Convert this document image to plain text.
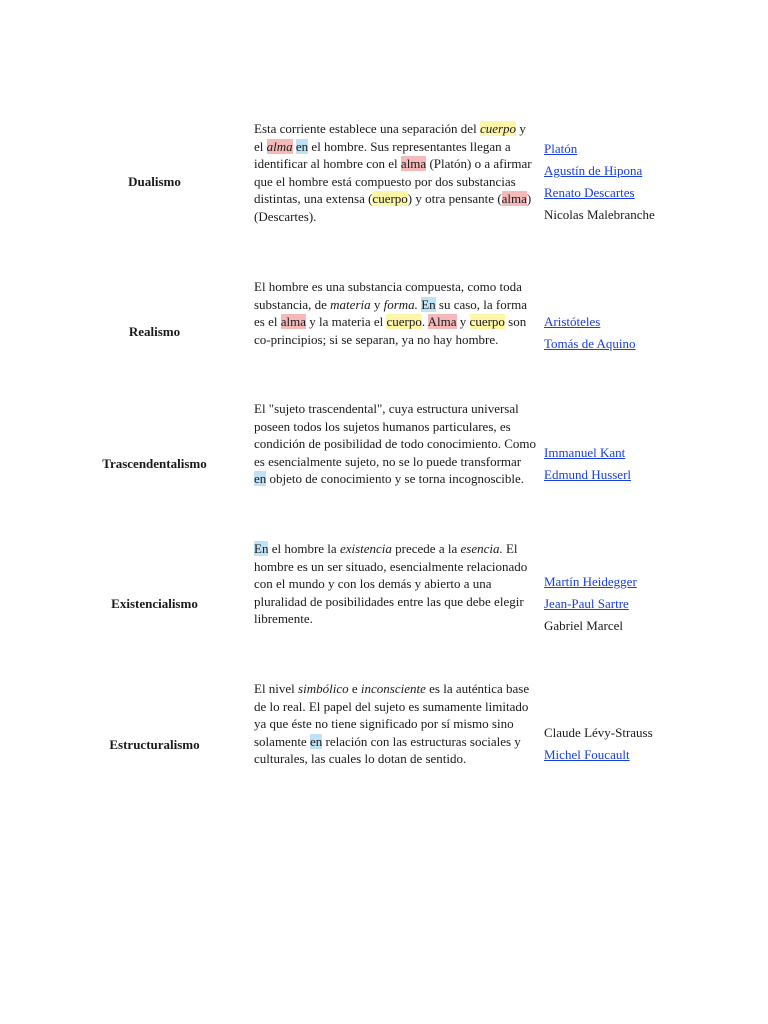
Dualismo
Esta corriente establece una separación del cuerpo y el alma en el hombre. Sus representantes llegan a identificar al hombre con el alma (Platón) o a afirmar que el hombre está compuesto por dos substancias distintas, una extensa (cuerpo) y otra pensante (alma) (Descartes).
Platón
Agustín de Hipona
Renato Descartes
Nicolas Malebranche
Realismo
El hombre es una substancia compuesta, como toda substancia, de materia y forma. En su caso, la forma es el alma y la materia el cuerpo. Alma y cuerpo son co-principios; si se separan, ya no hay hombre.
Aristóteles
Tomás de Aquino
Trascendentalismo
El "sujeto trascendental", cuya estructura universal poseen todos los sujetos humanos particulares, es condición de posibilidad de todo conocimiento. Como es esencialmente sujeto, no se lo puede transformar en objeto de conocimiento y se torna incognoscible.
Immanuel Kant
Edmund Husserl
Existencialismo
En el hombre la existencia precede a la esencia. El hombre es un ser situado, esencialmente relacionado con el mundo y con los demás y abierto a una pluralidad de posibilidades entre las que debe elegir libremente.
Martín Heidegger
Jean-Paul Sartre
Gabriel Marcel
Estructuralismo
El nivel simbólico e inconsciente es la auténtica base de lo real. El papel del sujeto es sumamente limitado ya que éste no tiene significado por sí mismo sino solamente en relación con las estructuras sociales y culturales, las cuales lo dotan de sentido.
Claude Lévy-Strauss
Michel Foucault
